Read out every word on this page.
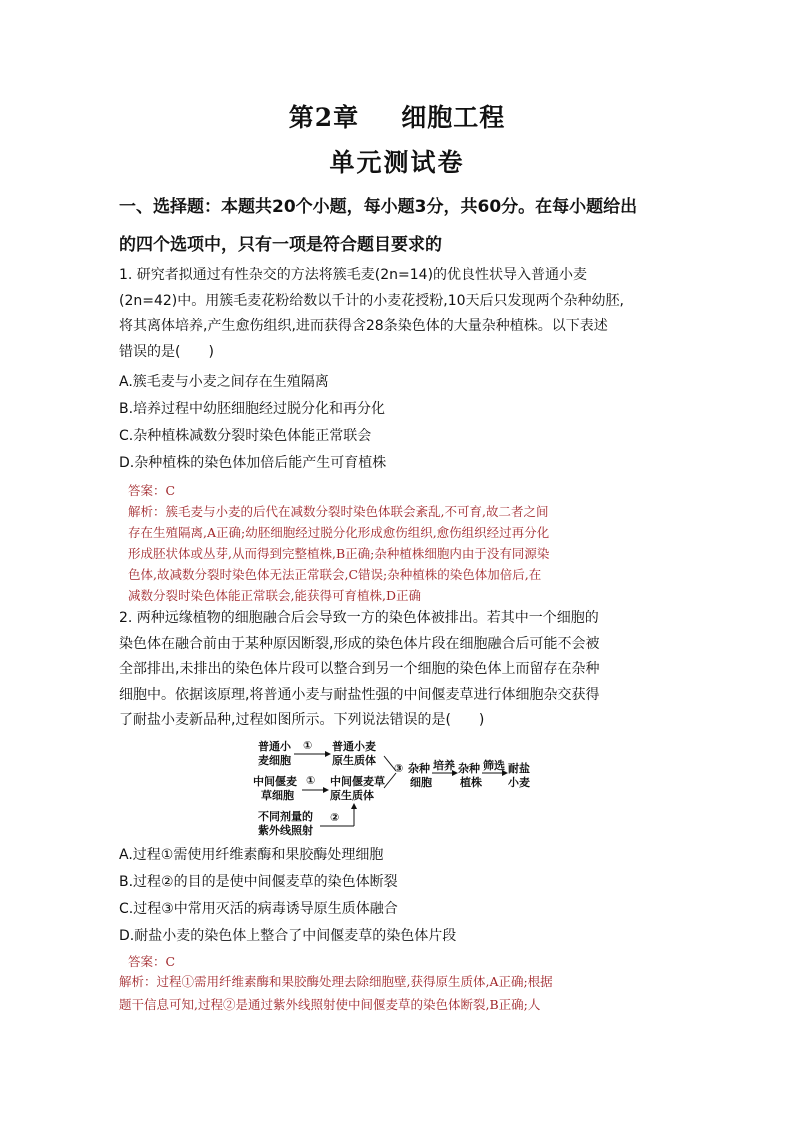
第2章 细胞工程
单元测试卷
一、选择题：本题共20个小题，每小题3分，共60分。在每小题给出
的四个选项中，只有一项是符合题目要求的
1. 研究者拟通过有性杂交的方法将簇毛麦(2n=14)的优良性状导入普通小麦
(2n=42)中。用簇毛麦花粉给数以千计的小麦花授粉,10天后只发现两个杂种幼胚,
将其离体培养,产生愈伤组织,进而获得含28条染色体的大量杂种植株。以下表述
错误的是(　　)
A.簇毛麦与小麦之间存在生殖隔离
B.培养过程中幼胚细胞经过脱分化和再分化
C.杂种植株减数分裂时染色体能正常联会
D.杂种植株的染色体加倍后能产生可育植株
答案：C
解析：簇毛麦与小麦的后代在减数分裂时染色体联会紊乱,不可育,故二者之间
存在生殖隔离,A正确;幼胚细胞经过脱分化形成愈伤组织,愈伤组织经过再分化
形成胚状体或丛芽,从而得到完整植株,B正确;杂种植株细胞内由于没有同源染
色体,故减数分裂时染色体无法正常联会,C错误;杂种植株的染色体加倍后,在
减数分裂时染色体能正常联会,能获得可育植株,D正确
2. 两种远缘植物的细胞融合后会导致一方的染色体被排出。若其中一个细胞的
染色体在融合前由于某种原因断裂,形成的染色体片段在细胞融合后可能不会被
全部排出,未排出的染色体片段可以整合到另一个细胞的染色体上而留存在杂种
细胞中。依据该原理,将普通小麦与耐盐性强的中间偃麦草进行体细胞杂交获得
了耐盐小麦新品种,过程如图所示。下列说法错误的是(　　)
普通小
麦细胞
① 普通小麦
原生质体
中间偃麦
草细胞
① 中间偃麦草
原生质体
③ 杂种
细胞
培养 杂种
植株
筛选 耐盐
小麦
不同剂量的
紫外线照射
②
A.过程①需使用纤维素酶和果胶酶处理细胞
B.过程②的目的是使中间偃麦草的染色体断裂
C.过程③中常用灭活的病毒诱导原生质体融合
D.耐盐小麦的染色体上整合了中间偃麦草的染色体片段
答案：C
解析：过程①需用纤维素酶和果胶酶处理去除细胞壁,获得原生质体,A正确;根据
题干信息可知,过程②是通过紫外线照射使中间偃麦草的染色体断裂,B正确;人
